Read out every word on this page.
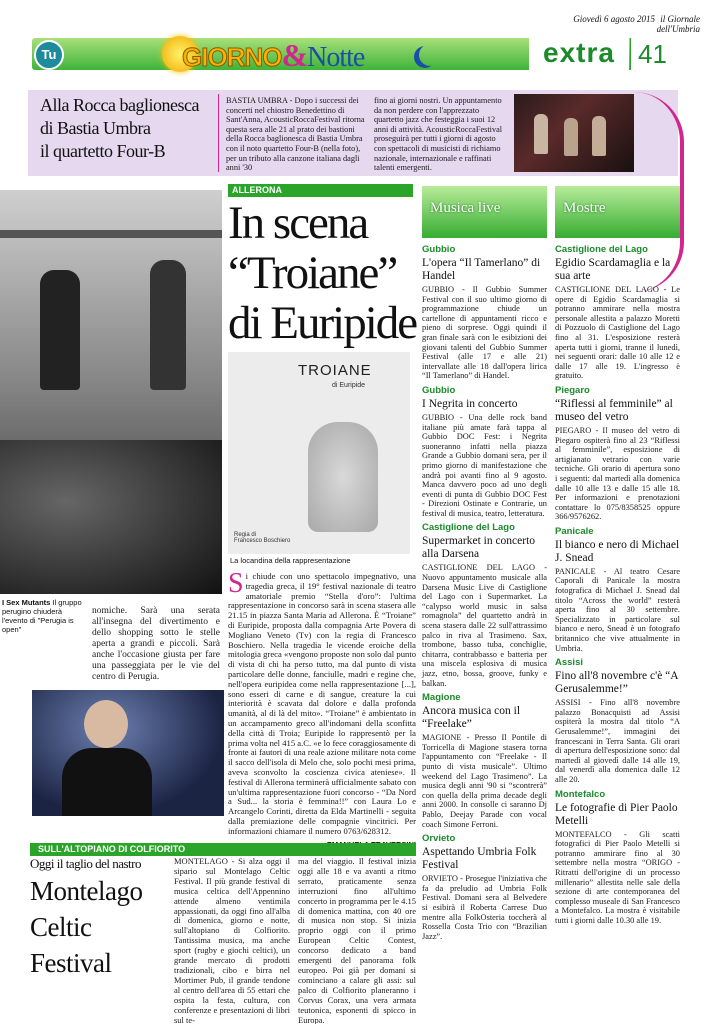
Giovedì 6 agosto 2015 il Giornale dell'Umbria
Tu	GIORNO&Notte	extra 41
Alla Rocca baglionesca
di Bastia Umbra
il quartetto Four-B
BASTIA UMBRA - Dopo i successi dei concerti nel chiostro Benedettino di Sant'Anna, AcousticRoccaFestival ritorna questa sera alle 21 al prato dei bastioni della Rocca baglionesca di Bastia Umbra con il noto quartetto Four-B (nella foto), per un tributo alla canzone italiana dagli anni '30
fino ai giorni nostri. Un appuntamento da non perdere con l'apprezzato quartetto jazz che festeggia i suoi 12 anni di attività. AcousticRoccaFestival proseguirà per tutti i giorni di agosto con spettacoli di musicisti di richiamo nazionale, internazionale e raffinati talenti emergenti.
I Sex Mutants Il gruppo perugino chiuderà l'evento di "Perugia is open"
nomiche. Sarà una serata all'insegna del divertimento e dello shopping sotto le stelle aperta a grandi e piccoli. Sarà anche l'occasione giusta per fare una passeggiata per le vie del centro di Perugia.
ALLERONA
In scena
“Troiane”
di Euripide
TROIANE
di Euripide
Regia di
Francesco Boschiero
La locandina della rappresentazione
S i chiude con uno spettacolo impegnativo, una tragedia greca, il 19° festival nazionale di teatro amatoriale premio “Stella d'oro”: l'ultima rappresentazione in concorso sarà in scena stasera alle 21.15 in piazza Santa Maria ad Allerona. È “Troiane” di Euripide, proposta dalla compagnia Arte Povera di Mogliano Veneto (Tv) con la regia di Francesco Boschiero. Nella tragedia le vicende eroiche della mitologia greca «vengono proposte non solo dal punto di vista di chi ha perso tutto, ma dal punto di vista particolare delle donne, fanciulle, madri e regine che, nell'opera euripidea come nella rappresentazione [...], sono esseri di carne e di sangue, creature la cui interiorità è scavata dal dolore e dalla profonda umanità, al di là del mito». “Troiane” è ambientato in un accampamento greco all'indomani della sconfitta della città di Troia; Euripide lo rappresentò per la prima volta nel 415 a.C. «e lo fece coraggiosamente di fronte ai fautori di una reale azione militare nota come il sacco dell'isola di Melo che, solo pochi mesi prima, aveva sconvolto la coscienza civica ateniese». Il festival di Allerona terminerà ufficialmente sabato con un'ultima rappresentazione fuori concorso - “Da Nord a Sud... la storia è femmina!!” con Laura Lo e Arcangelo Corinti, diretta da Elda Martinelli - seguita dalla premiazione delle compagnie vincitrici. Per informazioni chiamare il numero 0763/628312.
SULL'ALTOPIANO DI COLFIORITO
Oggi il taglio del nastro
Montelago
Celtic
Festival
MONTELAGO - Si alza oggi il sipario sul Montelago Celtic Festival. Il più grande festival di musica celtica dell'Appennino attende almeno ventimila appassionati, da oggi fino all'alba di domenica, giorno e notte, sull'altopiano di Colfiorito. Tantissima musica, ma anche sport (rugby e giochi celtici), un grande mercato di prodotti tradizionali, cibo e birra nel Mortimer Pub, il grande tendone al centro dell'area di 55 ettari che ospita la festa, cultura, con conferenze e presentazioni di libri sul te-
ma del viaggio. Il festival inizia oggi alle 18 e va avanti a ritmo serrato, praticamente senza interruzioni fino all'ultimo concerto in programma per le 4.15 di domenica mattina, con 40 ore di musica non stop. Si inizia proprio oggi con il primo European Celtic Contest, concorso dedicato a band emergenti del panorama folk europeo. Poi già per domani si cominciano a calare gli assi: sul palco di Colfiorito planeranno i Corvus Corax, una vera armata teutonica, esponenti di spicco in Europa.
Musica live
Gubbio
L'opera “Il Tamerlano” di Handel
GUBBIO - Il Gubbio Summer Festival con il suo ultimo giorno di programmazione chiude un cartellone di appuntamenti ricco e pieno di sorprese. Oggi quindi il gran finale sarà con le esibizioni dei giovani talenti del Gubbio Summer Festival (alle 17 e alle 21) intervallate alle 18 dall'opera lirica “Il Tamerlano” di Handel.
Gubbio
I Negrita in concerto
GUBBIO - Una delle rock band italiane più amate farà tappa al Gubbio DOC Fest: i Negrita suoneranno infatti nella piazza Grande a Gubbio domani sera, per il primo giorno di manifestazione che andrà poi avanti fino al 9 agosto. Manca davvero poco ad uno degli eventi di punta di Gubbio DOC Fest - Direzioni Ostinate e Contrarie, un festival di musica, teatro, letteratura.
Castiglione del Lago
Supermarket in concerto alla Darsena
CASTIGLIONE DEL LAGO - Nuovo appuntamento musicale alla Darsena Music Live di Castiglione del Lago con i Supermarket. La “calypso world music in salsa romagnola” del quartetto andrà in scena stasera dalle 22 sull'attrassimo palco in riva al Trasimeno. Sax, trombone, basso tuba, conchiglie, chitarra, contrabbasso e batteria per una miscela esplosiva di musica jazz, etno, bossa, groove, funky e balkan.
Magione
Ancora musica con il “Freelake”
MAGIONE - Presso Il Pontile di Torricella di Magione stasera torna l'appuntamento con “Freelake - Il punto di vista musicale”. Ultimo weekend del Lago Trasimeno”. La musica degli anni '90 si “scontrerà” con quella della prima decade degli anni 2000. In consolle ci saranno Dj Pablo, Deejay Parade con vocal coach Simone Ferroni.
Orvieto
Aspettando Umbria Folk Festival
ORVIETO - Prosegue l'iniziativa che fa da preludio ad Umbria Folk Festival. Domani sera al Belvedere si esibirà il Roberta Carrese Duo mentre alla FolkOsteria toccherà al Rossella Costa Trio con “Brazilian Jazz”.
Mostre
Castiglione del Lago
Egidio Scardamaglia e la sua arte
CASTIGLIONE DEL LAGO - Le opere di Egidio Scardamaglia si potranno ammirare nella mostra personale allestita a palazzo Moretti di Pozzuolo di Castiglione del Lago fino al 31. L'esposizione resterà aperta tutti i giorni, tranne il lunedì, nei seguenti orari: dalle 10 alle 12 e dalle 17 alle 19. L'ingresso è gratuito.
Piegaro
“Riflessi al femminile” al museo del vetro
PIEGARO - Il museo del vetro di Piegaro ospiterà fino al 23 “Riflessi al femminile”, esposizione di artigianato vetrario con varie tecniche. Gli orario di apertura sono i seguenti: dal martedì alla domenica dalle 10 alle 13 e dalle 15 alle 18. Per informazioni e prenotazioni contattare lo 075/8358525 oppure 366/9576262.
Panicale
Il bianco e nero di Michael J. Snead
PANICALE - Al teatro Cesare Caporali di Panicale la mostra fotografica di Michael J. Snead dal titolo “Across the world” resterà aperta fino al 30 settembre. Specializzato in particolare sul bianco e nero, Snead è un fotografo britannico che vive attualmente in Umbria.
Assisi
Fino all'8 novembre c'è “A Gerusalemme!”
ASSISI - Fino all'8 novembre palazzo Bonacquisti ad Assisi ospiterà la mostra dal titolo “A Gerusalemme!”, immagini dei francescani in Terra Santa. Gli orari di apertura dell'esposizione sono: dal martedì al giovedì dalle 14 alle 19, dal venerdì alla domenica dalle 12 alle 20.
Montefalco
Le fotografie di Pier Paolo Metelli
MONTEFALCO - Gli scatti fotografici di Pier Paolo Metelli si potranno ammirare fino al 30 settembre nella mostra “ORIGO - Ritratti dell'origine di un processo millenario” allestita nelle sale della sezione di arte contemporanea del complesso museale di San Francesco a Montefalco. La mostra è visitabile tutti i giorni dalle 10.30 alle 19.
